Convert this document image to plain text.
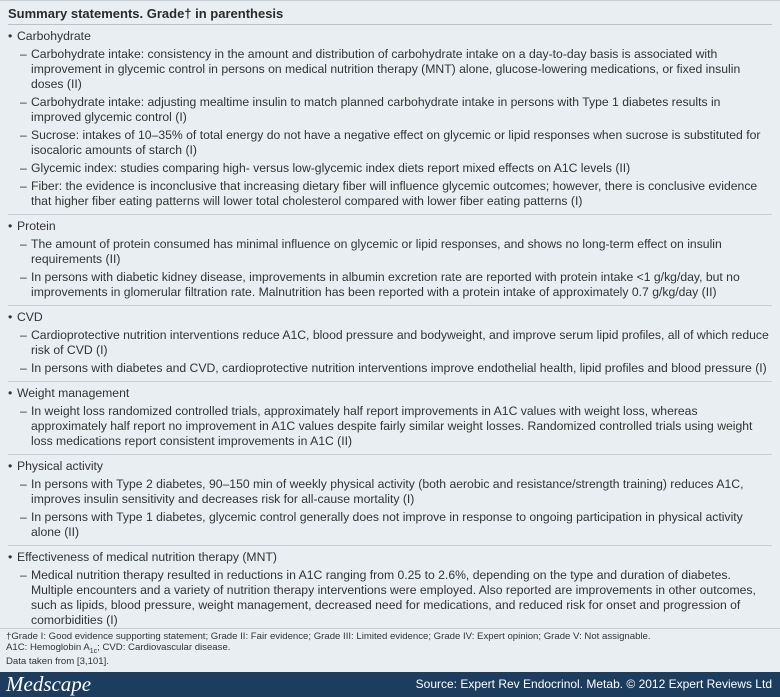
Summary statements. Grade† in parenthesis
• Carbohydrate
– Carbohydrate intake: consistency in the amount and distribution of carbohydrate intake on a day-to-day basis is associated with improvement in glycemic control in persons on medical nutrition therapy (MNT) alone, glucose-lowering medications, or fixed insulin doses (II)
– Carbohydrate intake: adjusting mealtime insulin to match planned carbohydrate intake in persons with Type 1 diabetes results in improved glycemic control (I)
– Sucrose: intakes of 10–35% of total energy do not have a negative effect on glycemic or lipid responses when sucrose is substituted for isocaloric amounts of starch (I)
– Glycemic index: studies comparing high- versus low-glycemic index diets report mixed effects on A1C levels (II)
– Fiber: the evidence is inconclusive that increasing dietary fiber will influence glycemic outcomes; however, there is conclusive evidence that higher fiber eating patterns will lower total cholesterol compared with lower fiber eating patterns (I)
• Protein
– The amount of protein consumed has minimal influence on glycemic or lipid responses, and shows no long-term effect on insulin requirements (II)
– In persons with diabetic kidney disease, improvements in albumin excretion rate are reported with protein intake <1 g/kg/day, but no improvements in glomerular filtration rate. Malnutrition has been reported with a protein intake of approximately 0.7 g/kg/day (II)
• CVD
– Cardioprotective nutrition interventions reduce A1C, blood pressure and bodyweight, and improve serum lipid profiles, all of which reduce risk of CVD (I)
– In persons with diabetes and CVD, cardioprotective nutrition interventions improve endothelial health, lipid profiles and blood pressure (I)
• Weight management
– In weight loss randomized controlled trials, approximately half report improvements in A1C values with weight loss, whereas approximately half report no improvement in A1C values despite fairly similar weight losses. Randomized controlled trials using weight loss medications report consistent improvements in A1C (II)
• Physical activity
– In persons with Type 2 diabetes, 90–150 min of weekly physical activity (both aerobic and resistance/strength training) reduces A1C, improves insulin sensitivity and decreases risk for all-cause mortality (I)
– In persons with Type 1 diabetes, glycemic control generally does not improve in response to ongoing participation in physical activity alone (II)
• Effectiveness of medical nutrition therapy (MNT)
– Medical nutrition therapy resulted in reductions in A1C ranging from 0.25 to 2.6%, depending on the type and duration of diabetes. Multiple encounters and a variety of nutrition therapy interventions were employed. Also reported are improvements in other outcomes, such as lipids, blood pressure, weight management, decreased need for medications, and reduced risk for onset and progression of comorbidities (I)
†Grade I: Good evidence supporting statement; Grade II: Fair evidence; Grade III: Limited evidence; Grade IV: Expert opinion; Grade V: Not assignable.
A1C: Hemoglobin $A_{1c}$; CVD: Cardiovascular disease.
Data taken from [3,101].
Medscape	Source: Expert Rev Endocrinol. Metab. © 2012 Expert Reviews Ltd
